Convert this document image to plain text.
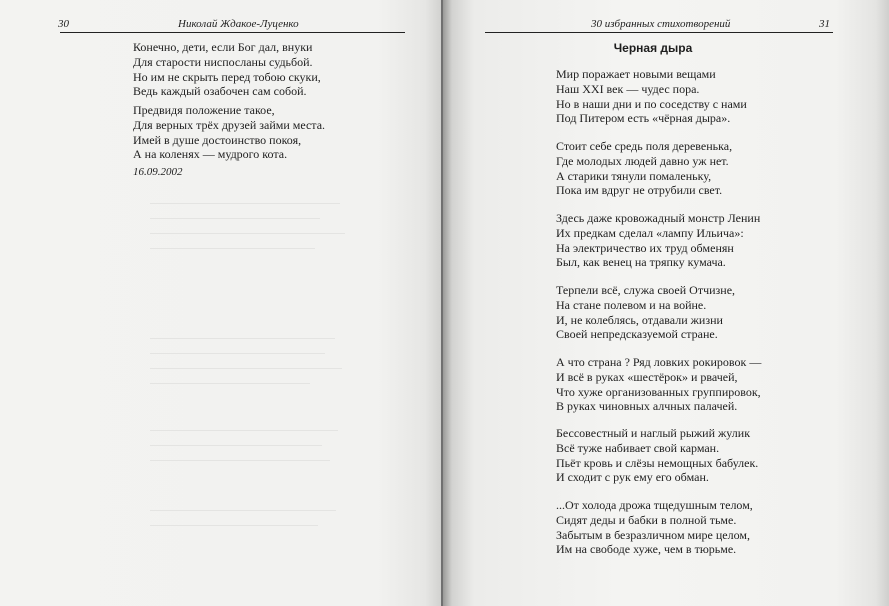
30	Николай Ждакое-Луценко
Конечно, дети, если Бог дал, внуки
Для старости ниспосланы судьбой.
Но им не скрыть перед тобою скуки,
Ведь каждый озабочен сам собой.
Предвидя положение такое,
Для верных трёх друзей займи места.
Имей в душе достоинство покоя,
А на коленях — мудрого кота.
16.09.2002
30 избранных стихотворений	31
Черная дыра
Мир поражает новыми вещами
Наш XXI век — чудес пора.
Но в наши дни и по соседству с нами
Под Питером есть «чёрная дыра».
Стоит себе средь поля деревенька,
Где молодых людей давно уж нет.
А старики тянули помаленьку,
Пока им вдруг не отрубили свет.
Здесь даже кровожадный монстр Ленин
Их предкам сделал «лампу Ильича»:
На электричество их труд обменян
Был, как венец на тряпку кумача.
Терпели всё, служа своей Отчизне,
На стане полевом и на войне.
И, не колеблясь, отдавали жизни
Своей непредсказуемой стране.
А что страна ? Ряд ловких рокировок —
И всё в руках «шестёрок» и рвачей,
Что хуже организованных группировок,
В руках чиновных алчных палачей.
Бессовестный и наглый рыжий жулик
Всё туже набивает свой карман.
Пьёт кровь и слёзы немощных бабулек.
И сходит с рук ему его обман.
...От холода дрожа тщедушным телом,
Сидят деды и бабки в полной тьме.
Забытым в безразличном мире целом,
Им на свободе хуже, чем в тюрьме.
